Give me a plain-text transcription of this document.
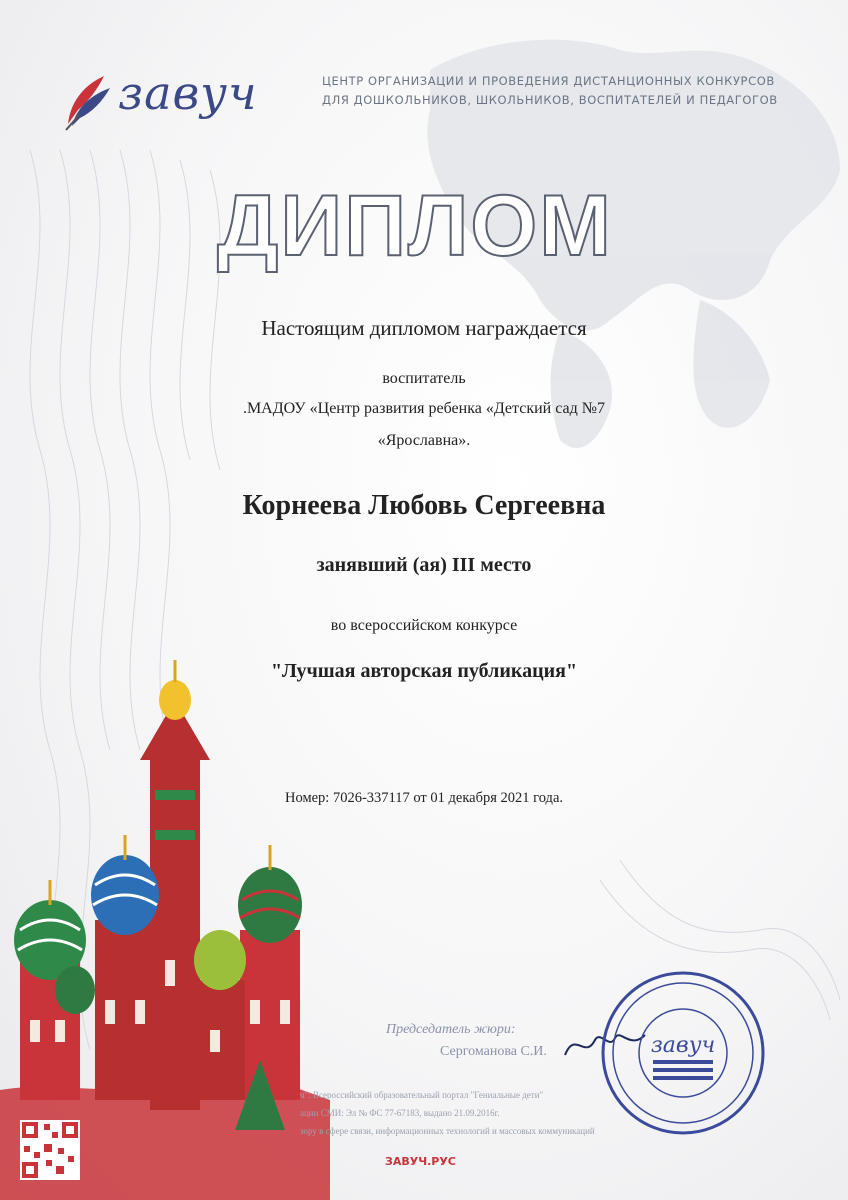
завуч	ЦЕНТР ОРГАНИЗАЦИИ И ПРОВЕДЕНИЯ ДИСТАНЦИОННЫХ КОНКУРСОВ
ДЛЯ ДОШКОЛЬНИКОВ, ШКОЛЬНИКОВ, ВОСПИТАТЕЛЕЙ И ПЕДАГОГОВ
ДИПЛОМ
Настоящим дипломом награждается
воспитатель
.МАДОУ «Центр развития ребенка «Детский сад №7
«Ярославна».
Корнеева Любовь Сергеевна
занявший (ая) III место
во всероссийском конкурсе
"Лучшая авторская публикация"
Номер: 7026-337117 от 01 декабря 2021 года.
Председатель жюри:
Сергоманова С.И.	завуч
ч": Всероссийский образовательный портал "Гениальные дети"
ации СМИ: Эл № ФС 77-67183, выдано 21.09.2016г.
зору в сфере связи, информационных технологий и массовых коммуникаций
ЗАВУЧ.РУС
